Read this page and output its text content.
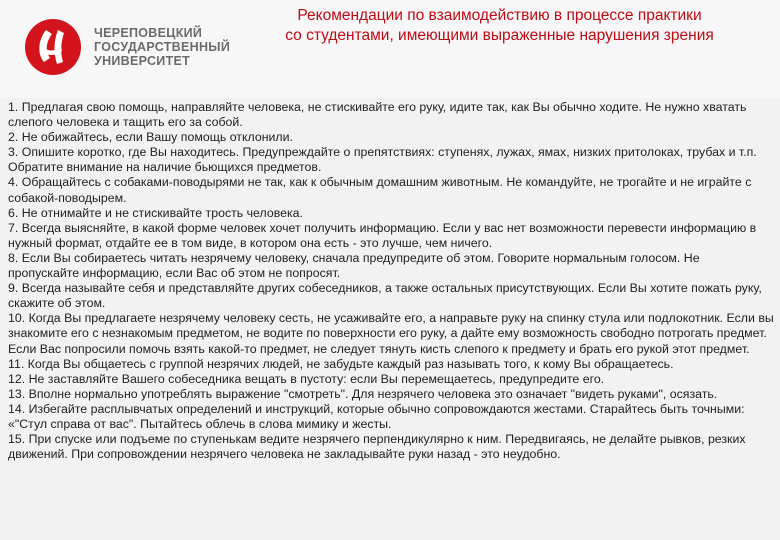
ЧЕРЕПОВЕЦКИЙ
ГОСУДАРСТВЕННЫЙ
УНИВЕРСИТЕТ
Рекомендации по взаимодействию в процессе практики
со студентами, имеющими выраженные нарушения зрения

1. Предлагая свою помощь, направляйте человека, не стискивайте его руку, идите так, как Вы обычно ходите. Не нужно хватать слепого человека и тащить его за собой.

2. Не обижайтесь, если Вашу помощь отклонили.

3. Опишите коротко, где Вы находитесь. Предупреждайте о препятствиях: ступенях, лужах, ямах, низких притолоках, трубах и т.п. Обратите внимание на наличие бьющихся предметов.

4. Обращайтесь с собаками-поводырями не так, как к обычным домашним животным. Не командуйте, не трогайте и не играйте с собакой-поводырем.

6. Не отнимайте и не стискивайте трость человека.

7. Всегда выясняйте, в какой форме человек хочет получить информацию. Если у вас нет возможности перевести информацию в нужный формат, отдайте ее в том виде, в котором она есть - это лучше, чем ничего.

8. Если Вы собираетесь читать незрячему человеку, сначала предупредите об этом. Говорите нормальным голосом. Не пропускайте информацию, если Вас об этом не попросят.

9. Всегда называйте себя и представляйте других собеседников, а также остальных присутствующих. Если Вы хотите пожать руку, скажите об этом.

10. Когда Вы предлагаете незрячему человеку сесть, не усаживайте его, а направьте руку на спинку стула или подлокотник. Если вы знакомите его с незнакомым предметом, не водите по поверхности его руку, а дайте ему возможность свободно потрогать предмет. Если Вас попросили помочь взять какой-то предмет, не следует тянуть кисть слепого к предмету и брать его рукой этот предмет.

11. Когда Вы общаетесь с группой незрячих людей, не забудьте каждый раз называть того, к кому Вы обращаетесь.

12. Не заставляйте Вашего собеседника вещать в пустоту: если Вы перемещаетесь, предупредите его.

13. Вполне нормально употреблять выражение "смотреть". Для незрячего человека это означает "видеть руками", осязать.

14. Избегайте расплывчатых определений и инструкций, которые обычно сопровождаются жестами. Старайтесь быть точными: «"Стул справа от вас". Пытайтесь облечь в слова мимику и жесты.

15. При спуске или подъеме по ступенькам ведите незрячего перпендикулярно к ним. Передвигаясь, не делайте рывков, резких движений. При сопровождении незрячего человека не закладывайте руки назад - это неудобно.
